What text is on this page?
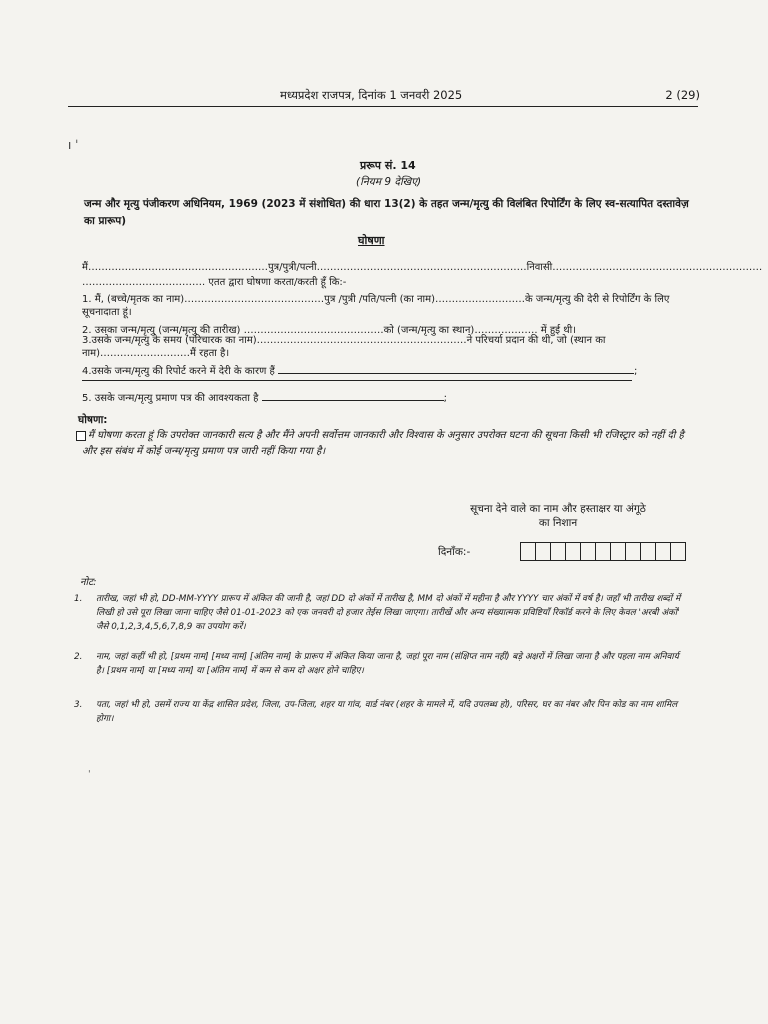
मध्यप्रदेश राजपत्र, दिनांक 1 जनवरी 2025	2 (29)
ı ˈ
प्ररूप सं. 14
(नियम 9 देखिए)
जन्म और मृत्यु पंजीकरण अधिनियम, 1969 (2023 में संशोधित) की धारा 13(2) के तहत जन्म/मृत्यु की विलंबित रिपोर्टिंग के लिए स्व-सत्यापित दस्तावेज़ का प्रारूप)
घोषणा
मैं………………………………………………पुत्र/पुत्री/पत्नी………………………………………………………निवासी………………………………………………………
………………………………. एतत द्वारा घोषणा करता/करती हूँ कि:-
1. मैं, (बच्चे/मृतक का नाम)……………………………………पुत्र /पुत्री /पति/पत्नी (का नाम)………………………के जन्म/मृत्यु की देरी से रिपोर्टिंग के लिए सूचनादाता हूं।
2. उसका जन्म/मृत्यु (जन्म/मृत्यु की तारीख) ……………………………………को (जन्म/मृत्यु का स्थान)………………. में हुई थी।
3.उसके जन्म/मृत्यु के समय (परिचारक का नाम)………………………………………………………ने परिचर्या प्रदान की थी, जो (स्थान का नाम)………………………मैं रहता है।
4.उसके जन्म/मृत्यु की रिपोर्ट करने में देरी के कारण हैं	;
5. उसके जन्म/मृत्यु प्रमाण पत्र की आवश्यकता है	;
घोषणा:
मैं घोषणा करता हूं कि उपरोक्त जानकारी सत्य है और मैंने अपनी सर्वोत्तम जानकारी और विश्वास के अनुसार उपरोक्त घटना की सूचना किसी भी रजिस्ट्रार को नहीं दी है और इस संबंध में कोई जन्म/मृत्यु प्रमाण पत्र जारी नहीं किया गया है।
सूचना देने वाले का नाम और हस्ताक्षर या अंगूठे का निशान
दिनाँक:-
नोट:
1.	तारीख, जहां भी हो, DD-MM-YYYY प्रारूप में अंकित की जानी है, जहां DD दो अंकों में तारीख है, MM दो अंकों में महीना है और YYYY चार अंकों में वर्ष है। जहाँ भी तारीख शब्दों में लिखी हो उसे पूरा लिखा जाना चाहिए जैसे 01-01-2023 को एक जनवरी दो हजार तेईस लिखा जाएगा। तारीखें और अन्य संख्यात्मक प्रविष्टियाँ रिकॉर्ड करने के लिए केवल 'अरबी अंकों' जैसे 0,1,2,3,4,5,6,7,8,9 का उपयोग करें।
2.	नाम, जहां कहीं भी हो, [प्रथम नाम] [मध्य नाम] [अंतिम नाम] के प्रारूप में अंकित किया जाना है, जहां पूरा नाम (संक्षिप्त नाम नहीं) बड़े अक्षरों में लिखा जाना है और पहला नाम अनिवार्य है। [प्रथम नाम] या [मध्य नाम] या [अंतिम नाम] में कम से कम दो अक्षर होने चाहिए।
3.	पता, जहां भी हो, उसमें राज्य या केंद्र शासित प्रदेश, जिला, उप-जिला, शहर या गांव, वार्ड नंबर (शहर के मामले में, यदि उपलब्ध हो), परिसर, घर का नंबर और पिन कोड का नाम शामिल होगा।
ˈ
